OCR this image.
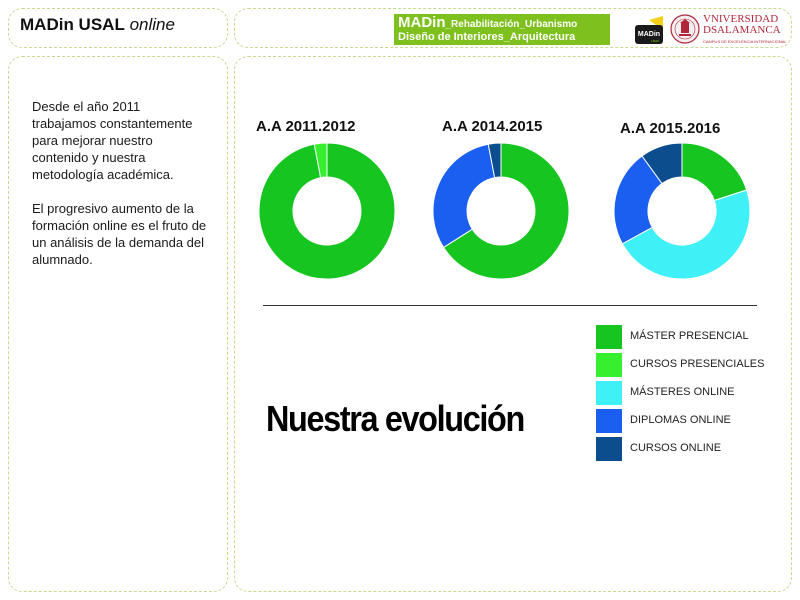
MADin USAL online	MADin_Rehabilitación_Urbanismo
Diseño de Interiores_Arquitectura	MADin
usal
VNIVERSIDAD
DSALAMANCA
CAMPUS DE EXCELENCIA INTERNACIONAL

Desde el año 2011 trabajamos constantemente para mejorar nuestro contenido y nuestra metodología académica.

El progresivo aumento de la formación online es el fruto de un análisis de la demanda del alumnado.

A.A 2011.2012	A.A 2014.2015	A.A 2015.2016
MÁSTER PRESENCIAL
CURSOS PRESENCIALES
MÁSTERES ONLINE
DIPLOMAS ONLINE
CURSOS ONLINE
Nuestra evolución
